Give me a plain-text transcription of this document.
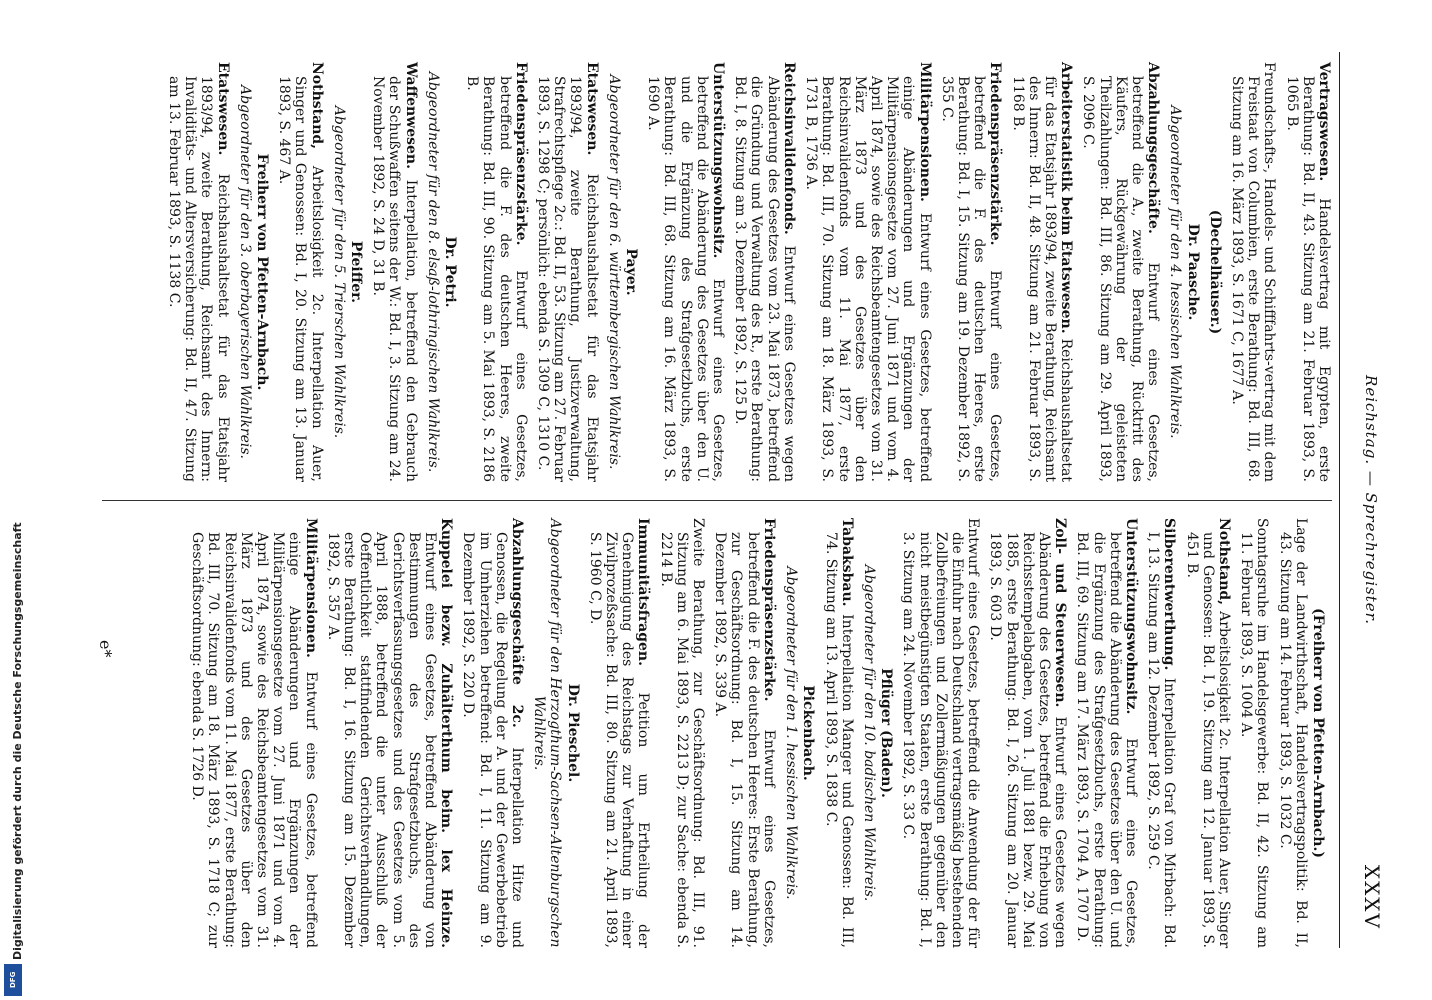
Reichstag. — Sprechregister.
XXXV
Vertragswesen.Handelsvertrag mit Egypten, erste Berathung: Bd. II, 43. Sitzung am 21. Februar 1893, S. 1065 B.
Freundschafts-, Handels- und Schifffahrts-vertrag mit dem Freistaat von Columbien, erste Berathung: Bd. III, 68. Sitzung am 16. März 1893, S. 1671 C, 1677 A.
(Dechelhäuser.)
Dr. Paasche.
Abgeordneter für den 4. hessischen Wahlkreis.
Abzahlungsgeschäfte.Entwurf eines Gesetzes, betreffend die A., zweite Berathung, Rücktritt des Käufers, Rückgewährung der geleisteten Theilzahlungen: Bd. III, 86. Sitzung am 29. April 1893, S. 2096 C.
Arbeiterstatistik beim Etatswesen.Reichshaushaltsetat für das Etatsjahr 1893/94, zweite Berathung, Reichsamt des Innern: Bd. II, 48. Sitzung am 21. Februar 1893, S. 1168 B.
Friedenspräsenzstärke.Entwurf eines Gesetzes, betreffend die F. des deutschen Heeres, erste Berathung: Bd. I, 15. Sitzung am 19. Dezember 1892, S. 355 C.
Militärpensionen.Entwurf eines Gesetzes, betreffend einige Abänderungen und Ergänzungen der Militärpensionsgesetze vom 27. Juni 1871 und vom 4. April 1874, sowie des Reichsbeamtengesetzes vom 31. März 1873 und des Gesetzes über den Reichsinvalidenfonds vom 11. Mai 1877, erste Berathung: Bd. III, 70. Sitzung am 18. März 1893, S. 1731 B, 1736 A.
Reichsinvalidenfonds.Entwurf eines Gesetzes wegen Abänderung des Gesetzes vom 23. Mai 1873, betreffend die Gründung und Verwaltung des R., erste Berathung: Bd. I, 8. Sitzung am 3. Dezember 1892, S. 125 D.
Unterstützungswohnsitz.Entwurf eines Gesetzes, betreffend die Abänderung des Gesetzes über den U. und die Ergänzung des Strafgesetzbuchs, erste Berathung: Bd. III, 68. Sitzung am 16. März 1893, S. 1690 A.
Payer.
Abgeordneter für den 6. württembergischen Wahlkreis.
Etatswesen.Reichshaushaltsetat für das Etatsjahr 1893/94, zweite Berathung, Justizverwaltung, Strafrechtspflege 2c.: Bd. II, 53. Sitzung am 27. Februar 1893, S. 1298 C; persönlich: ebenda S. 1309 C, 1310 C.
Friedenspräsenzstärke.Entwurf eines Gesetzes, betreffend die F. des deutschen Heeres, zweite Berathung: Bd. III, 90. Sitzung am 5. Mai 1893, S. 2186 B.
Dr. Petri.
Abgeordneter für den 8. elsaß-lothringischen Wahlkreis.
Waffenwesen.Interpellation, betreffend den Gebrauch der Schußwaffen seitens der W.: Bd. I, 3. Sitzung am 24. November 1892, S. 24 D, 31 B.
Pfeiffer.
Abgeordneter für den 5. Trierschen Wahlkreis.
Nothstand,Arbeitslosigkeit 2c. Interpellation Auer, Singer und Genossen: Bd. I, 20. Sitzung am 13. Januar 1893, S. 467 A.
Freiherr von Pfetten-Arnbach.
Abgeordneter für den 3. oberbayerischen Wahlkreis.
Etatswesen.Reichshaushaltsetat für das Etatsjahr 1893/94, zweite Berathung, Reichsamt des Innern: Invaliditäts- und Altersversicherung: Bd. II, 47. Sitzung am 13. Februar 1893, S. 1138 C.
(Freiherr von Pfetten-Arnbach.)
Lage der Landwirthschaft, Handelsvertragspolitik: Bd. II, 43. Sitzung am 14. Februar 1893, S. 1032 C.
Sonntagsruhe im Handelsgewerbe: Bd. II, 42. Sitzung am 11. Februar 1893, S. 1004 A.
Nothstand,Arbeitslosigkeit 2c. Interpellation Auer, Singer und Genossen: Bd. I, 19. Sitzung am 12. Januar 1893, S. 451 B.
Silberentwerthung.Interpellation Graf von Mirbach: Bd. I, 13. Sitzung am 12. Dezember 1892, S. 259 C.
Unterstützungswohnsitz.Entwurf eines Gesetzes, betreffend die Abänderung des Gesetzes über den U. und die Ergänzung des Strafgesetzbuchs, erste Berathung: Bd. III, 69. Sitzung am 17. März 1893, S. 1704 A, 1707 D.
Zoll- und Steuerwesen.Entwurf eines Gesetzes wegen Abänderung des Gesetzes, betreffend die Erhebung von Reichsstempelabgaben, vom 1. Juli 1881 bezw. 29. Mai 1885, erste Berathung: Bd. I, 26. Sitzung am 20. Januar 1893, S. 603 D.
Entwurf eines Gesetzes, betreffend die Anwendung der für die Einfuhr nach Deutschland vertragsmäßig bestehenden Zollbefreiungen und Zollermäßigungen gegenüber den nicht meistbegünstigten Staaten, erste Berathung: Bd. I, 3. Sitzung am 24. November 1892, S. 33 C.
Pflüger (Baden).
Abgeordneter für den 10. badischen Wahlkreis.
Tabaksbau.Interpellation Manger und Genossen: Bd. III, 74. Sitzung am 13. April 1893, S. 1838 C.
Pickenbach.
Abgeordneter für den 1. hessischen Wahlkreis.
Friedenspräsenzstärke.Entwurf eines Gesetzes, betreffend die F. des deutschen Heeres: Erste Berathung, zur Geschäftsordnung: Bd. I, 15. Sitzung am 14. Dezember 1892, S. 339 A.
Zweite Berathung, zur Geschäftsordnung: Bd. III, 91. Sitzung am 6. Mai 1893, S. 2213 D; zur Sache: ebenda S. 2214 B.
Immunitätsfragen.Petition um Ertheilung der Genehmigung des Reichstags zur Verhaftung in einer Zivilprozeßsache: Bd. III, 80. Sitzung am 21. April 1893, S. 1960 C, D.
Dr. Pieschel.
Abgeordneter für den Herzogthum-Sachsen-Altenburgschen Wahlkreis.
Abzahlungsgeschäfte 2c.Interpellation Hitze und Genossen, die Regelung der A. und der Gewerbebetrieb im Umherziehen betreffend: Bd. I, 11. Sitzung am 9. Dezember 1892, S. 220 D.
Kuppelei bezw. Zuhälterthum beim. lex Heinze.Entwurf eines Gesetzes, betreffend Abänderung von Bestimmungen des Strafgesetzbuchs, des Gerichtsverfassungsgesetzes und des Gesetzes vom 5. April 1888, betreffend die unter Ausschluß der Oeffentlichkeit stattfindenden Gerichtsverhandlungen, erste Berathung: Bd. I, 16. Sitzung am 15. Dezember 1892, S. 357 A.
Militärpensionen.Entwurf eines Gesetzes, betreffend einige Abänderungen und Ergänzungen der Militärpensionsgesetze vom 27. Juni 1871 und vom 4. April 1874, sowie des Reichsbeamtengesetzes vom 31. März 1873 und des Gesetzes über den Reichsinvalidenfonds vom 11. Mai 1877, erste Berathung: Bd. III, 70. Sitzung am 18. März 1893, S. 1718 C; zur Geschäftsordnung: ebenda S. 1726 D.
e*
Digitalisierung gefördert durch die Deutsche Forschungsgemeinschaft
DFG
